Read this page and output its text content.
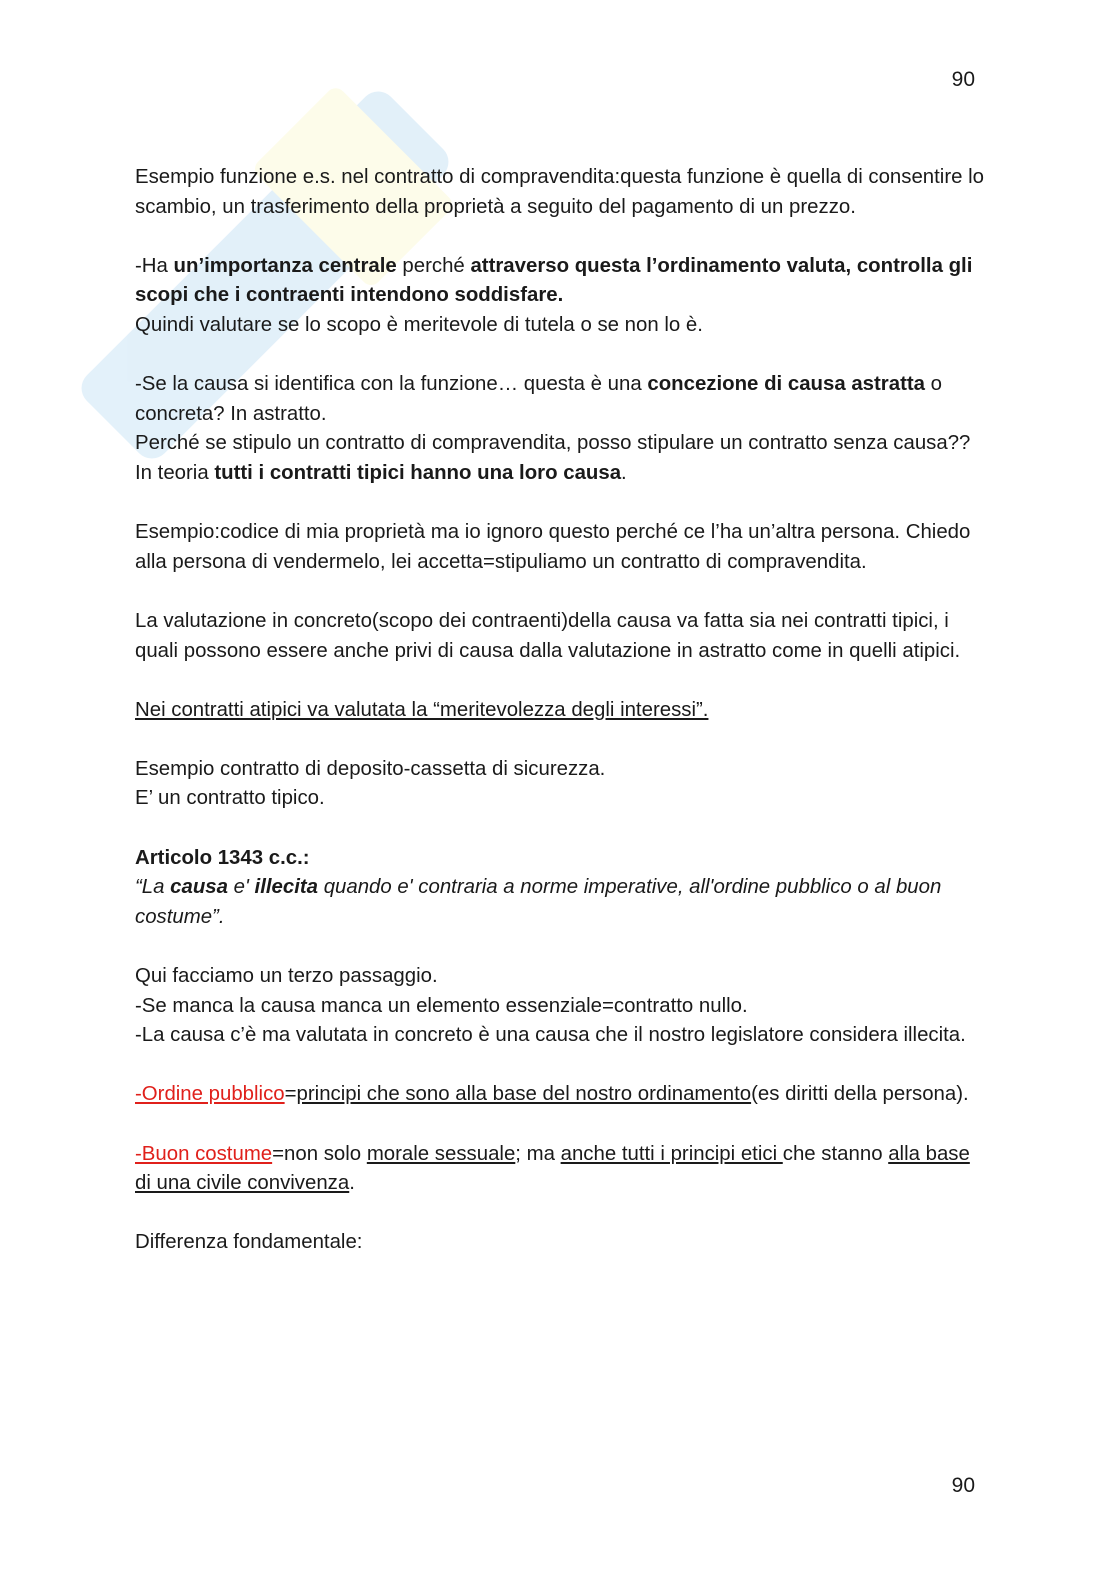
90

Esempio funzione e.s. nel contratto di compravendita:questa funzione è quella di consentire lo scambio, un trasferimento della proprietà a seguito del pagamento di un prezzo.

-Ha un’importanza centrale perché attraverso questa l’ordinamento valuta, controlla gli scopi che i contraenti intendono soddisfare.
Quindi valutare se lo scopo è meritevole di tutela o se non lo è.

-Se la causa si identifica con la funzione… questa è una concezione di causa astratta o concreta? In astratto.
Perché se stipulo un contratto di compravendita, posso stipulare un contratto senza causa??
In teoria tutti i contratti tipici hanno una loro causa.

Esempio:codice di mia proprietà ma io ignoro questo perché ce l’ha un’altra persona. Chiedo alla persona di vendermelo, lei accetta=stipuliamo un contratto di compravendita.

La valutazione in concreto(scopo dei contraenti)della causa va fatta sia nei contratti tipici, i quali possono essere anche privi di causa dalla valutazione in astratto come in quelli atipici.

Nei contratti atipici va valutata la “meritevolezza degli interessi”.

Esempio contratto di deposito-cassetta di sicurezza.
E’ un contratto tipico.

Articolo 1343 c.c.:
“La causa e' illecita quando e' contraria a norme imperative, all'ordine pubblico o al buon costume”.

Qui facciamo un terzo passaggio.
-Se manca la causa manca un elemento essenziale=contratto nullo.
-La causa c’è ma valutata in concreto è una causa che il nostro legislatore considera illecita.

-Ordine pubblico=principi che sono alla base del nostro ordinamento(es diritti della persona).

-Buon costume=non solo morale sessuale; ma anche tutti i principi etici che stanno alla base di una civile convivenza.

Differenza fondamentale:

90
